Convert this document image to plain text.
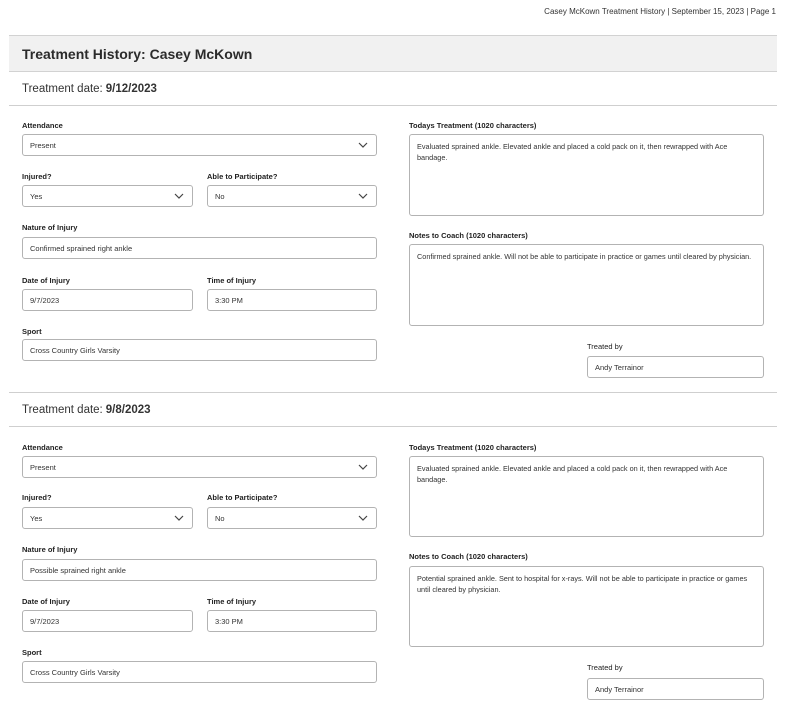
Casey McKown Treatment History | September 15, 2023 | Page 1
Treatment History: Casey McKown
Treatment date: 9/12/2023
Attendance
Present
Injured?
Yes
Able to Participate?
No
Nature of Injury
Confirmed sprained right ankle
Date of Injury
9/7/2023
Time of Injury
3:30 PM
Sport
Cross Country Girls Varsity
Todays Treatment (1020 characters)
Evaluated sprained ankle. Elevated ankle and placed a cold pack on it, then rewrapped with Ace bandage.
Notes to Coach (1020 characters)
Confirmed sprained ankle. Will not be able to participate in practice or games until cleared by physician.
Treated by
Andy Terrainor
Treatment date: 9/8/2023
Attendance
Present
Injured?
Yes
Able to Participate?
No
Nature of Injury
Possible sprained right ankle
Date of Injury
9/7/2023
Time of Injury
3:30 PM
Sport
Cross Country Girls Varsity
Todays Treatment (1020 characters)
Evaluated sprained ankle. Elevated ankle and placed a cold pack on it, then rewrapped with Ace bandage.
Notes to Coach (1020 characters)
Potential sprained ankle. Sent to hospital for x-rays. Will not be able to participate in practice or games until cleared by physician.
Treated by
Andy Terrainor
